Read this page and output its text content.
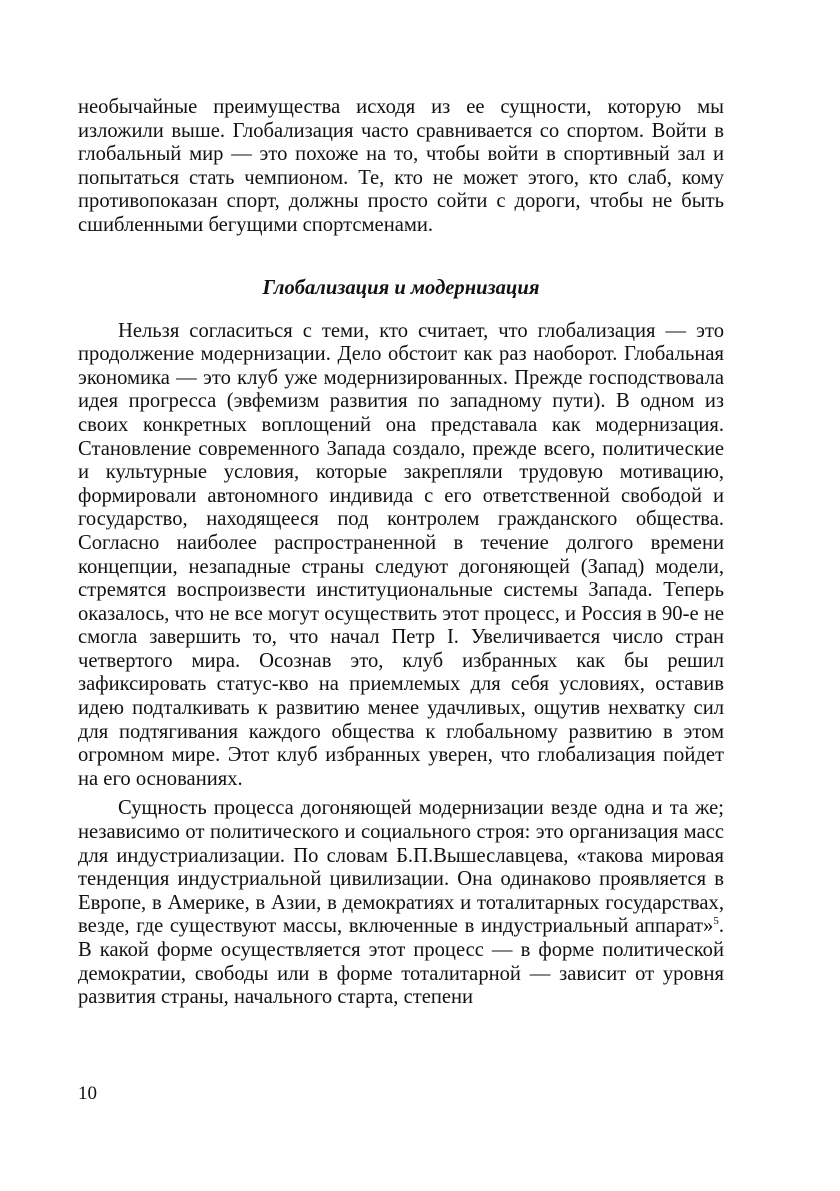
необычайные преимущества исходя из ее сущности, которую мы изложили выше. Глобализация часто сравнивается со спортом. Войти в глобальный мир — это похоже на то, чтобы войти в спортивный зал и попытаться стать чемпионом. Те, кто не может этого, кто слаб, кому противопоказан спорт, должны просто сойти с дороги, чтобы не быть сшибленными бегущими спортсменами.

Глобализация и модернизация

Нельзя согласиться с теми, кто считает, что глобализация — это продолжение модернизации. Дело обстоит как раз наоборот. Глобальная экономика — это клуб уже модернизированных. Прежде господствовала идея прогресса (эвфемизм развития по западному пути). В одном из своих конкретных воплощений она представала как модернизация. Становление современного Запада создало, прежде всего, политические и культурные условия, которые закрепляли трудовую мотивацию, формировали автономного индивида с его ответственной свободой и государство, находящееся под контролем гражданского общества. Согласно наиболее распространенной в течение долгого времени концепции, незападные страны следуют догоняющей (Запад) модели, стремятся воспроизвести институциональные системы Запада. Теперь оказалось, что не все могут осуществить этот процесс, и Россия в 90-е не смогла завершить то, что начал Петр I. Увеличивается число стран четвертого мира. Осознав это, клуб избранных как бы решил зафиксировать статус-кво на приемлемых для себя условиях, оставив идею подталкивать к развитию менее удачливых, ощутив нехватку сил для подтягивания каждого общества к глобальному развитию в этом огромном мире. Этот клуб избранных уверен, что глобализация пойдет на его основаниях.

Сущность процесса догоняющей модернизации везде одна и та же; независимо от политического и социального строя: это организация масс для индустриализации. По словам Б.П.Вышеславцева, «такова мировая тенденция индустриальной цивилизации. Она одинаково проявляется в Европе, в Америке, в Азии, в демократиях и тоталитарных государствах, везде, где существуют массы, включенные в индустриальный аппарат»$^5$. В какой форме осуществляется этот процесс — в форме политической демократии, свободы или в форме тоталитарной — зависит от уровня развития страны, начального старта, степени

10
